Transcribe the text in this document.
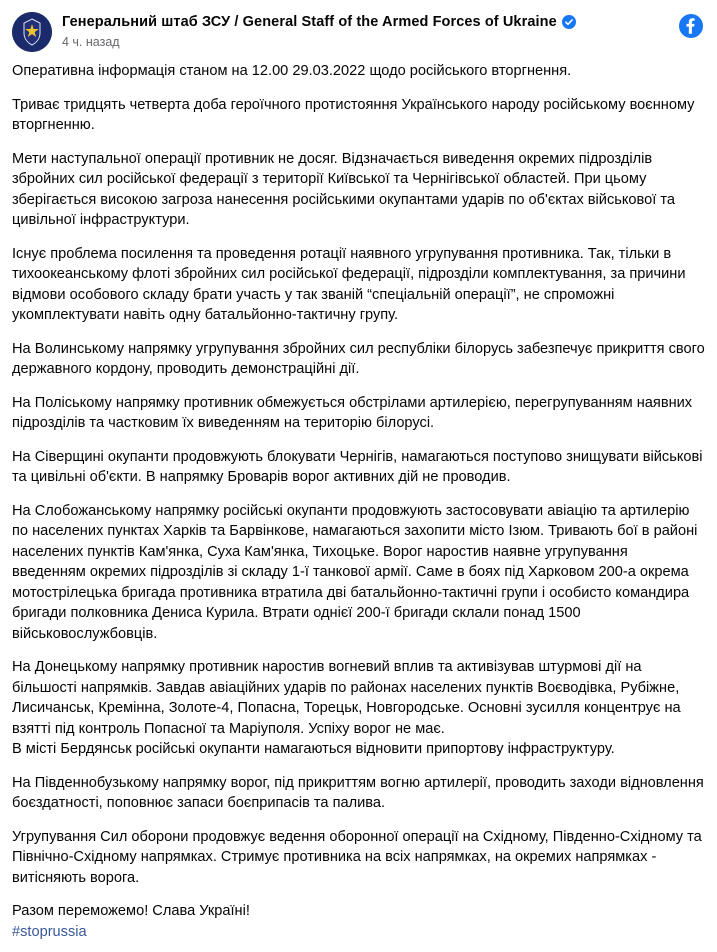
Генеральний штаб ЗСУ / General Staff of the Armed Forces of Ukraine
4 ч. назад

Оперативна інформація станом на 12.00 29.03.2022 щодо російського вторгнення.

Триває тридцять четверта доба героїчного протистояння Українського народу російському воєнному вторгненню.

Мети наступальної операції противник не досяг. Відзначається виведення окремих підрозділів збройних сил російської федерації з території Київської та Чернігівської областей. При цьому зберігається високою загроза нанесення російськими окупантами ударів по об'єктах військової та цивільної інфраструктури.

Існує проблема посилення та проведення ротації наявного угрупування противника. Так, тільки в тихоокеанському флоті збройних сил російської федерації, підрозділи комплектування, за причини відмови особового складу брати участь у так званій “спеціальній операції”, не спроможні укомплектувати навіть одну батальйонно-тактичну групу.

На Волинському напрямку угрупування збройних сил республіки білорусь забезпечує прикриття свого державного кордону, проводить демонстраційні дії.

На Поліському напрямку противник обмежується обстрілами артилерією, перегрупуванням наявних підрозділів та частковим їх виведенням на територію білорусі.

На Сіверщині окупанти продовжують блокувати Чернігів, намагаються поступово знищувати військові та цивільні об'єкти. В напрямку Броварів ворог активних дій не проводив.

На Слобожанському напрямку російські окупанти продовжують застосовувати авіацію та артилерію по населених пунктах Харків та Барвінкове, намагаються захопити місто Ізюм. Тривають бої в районі населених пунктів Кам'янка, Суха Кам'янка, Тихоцьке. Ворог наростив наявне угрупування введенням окремих підрозділів зі складу 1-ї танкової армії. Саме в боях під Харковом 200-а окрема мотострілецька бригада противника втратила дві батальйонно-тактичні групи і особисто командира бригади полковника Дениса Курила. Втрати однієї 200-ї бригади склали понад 1500 військовослужбовців.

На Донецькому напрямку противник наростив вогневий вплив та активізував штурмові дії на більшості напрямків. Завдав авіаційних ударів по районах населених пунктів Воєводівка, Рубіжне, Лисичанськ, Кремінна, Золоте-4, Попасна, Торецьк, Новгородське. Основні зусилля концентрує на взятті під контроль Попасної та Маріуполя. Успіху ворог не має.

В місті Бердянськ російські окупанти намагаються відновити припортову інфраструктуру.

На Південнобузькому напрямку ворог, під прикриттям вогню артилерії, проводить заходи відновлення боєздатності, поповнює запаси боєприпасів та палива.

Угрупування Сил оборони продовжує ведення оборонної операції на Східному, Південно-Східному та Північно-Східному напрямках. Стримує противника на всіх напрямках, на окремих напрямках - витісняють ворога.

Разом переможемо! Слава Україні!

#stoprussia
